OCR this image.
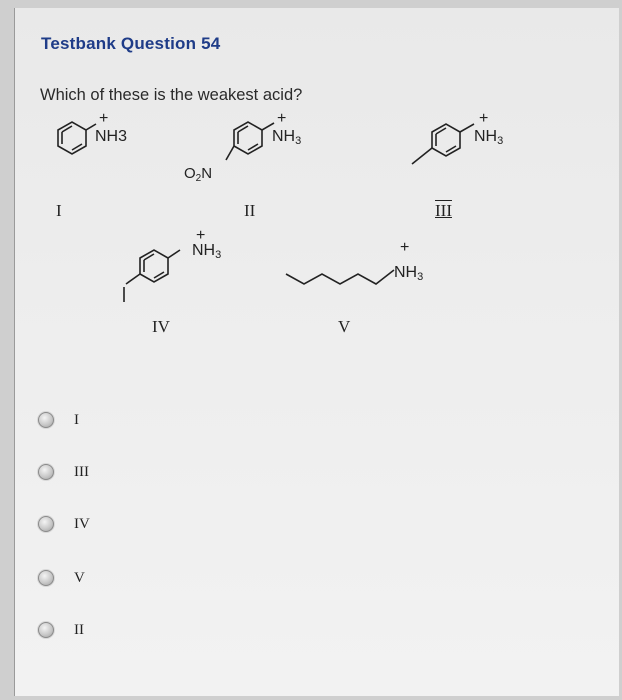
Testbank Question 54
Which of these is the weakest acid?
+
NH3
I
+
NH3
$O_2N$
II
+
NH3
III
+
NH3
IV
+
NH3
V
I
III
IV
V
II
